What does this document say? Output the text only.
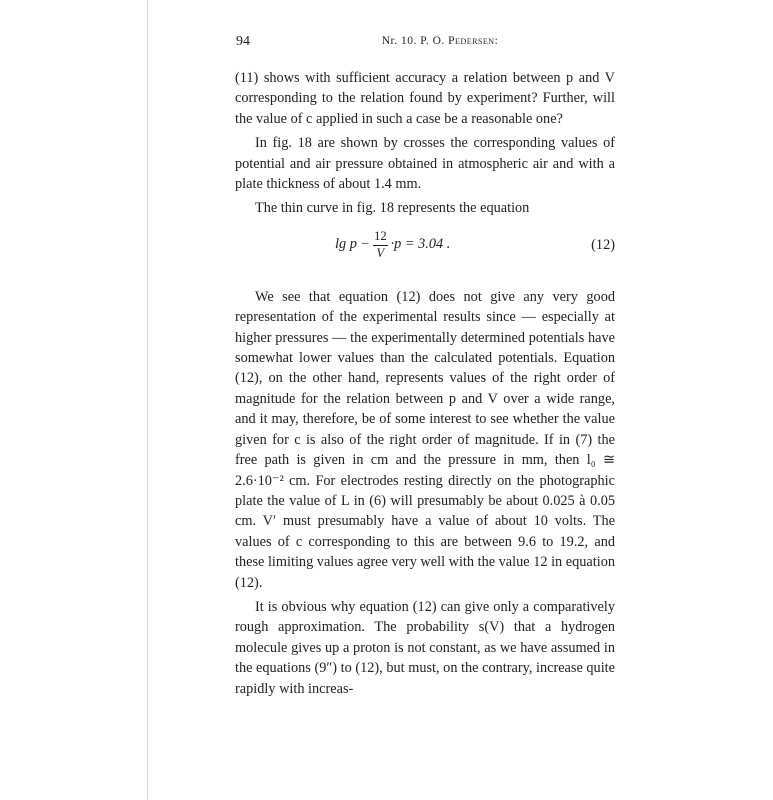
94	Nr. 10. P. O. Pedersen:

(11) shows with sufficient accuracy a relation between p and V corresponding to the relation found by experiment? Further, will the value of c applied in such a case be a reasonable one?

In fig. 18 are shown by crosses the corresponding values of potential and air pressure obtained in atmospheric air and with a plate thickness of about 1.4 mm.

The thin curve in fig. 18 represents the equation

$\lg p - \frac{12}{V} \cdot p = 3.04$ .	(12)

We see that equation (12) does not give any very good representation of the experimental results since — especially at higher pressures — the experimentally determined potentials have somewhat lower values than the calculated potentials. Equation (12), on the other hand, represents values of the right order of magnitude for the relation between p and V over a wide range, and it may, therefore, be of some interest to see whether the value given for c is also of the right order of magnitude. If in (7) the free path is given in cm and the pressure in mm, then l₀ ≅ 2.6·10⁻² cm. For electrodes resting directly on the photographic plate the value of L in (6) will presumably be about 0.025 à 0.05 cm. V′ must presumably have a value of about 10 volts. The values of c corresponding to this are between 9.6 to 19.2, and these limiting values agree very well with the value 12 in equation (12).

It is obvious why equation (12) can give only a comparatively rough approximation. The probability s(V) that a hydrogen molecule gives up a proton is not constant, as we have assumed in the equations (9″) to (12), but must, on the contrary, increase quite rapidly with increas-
